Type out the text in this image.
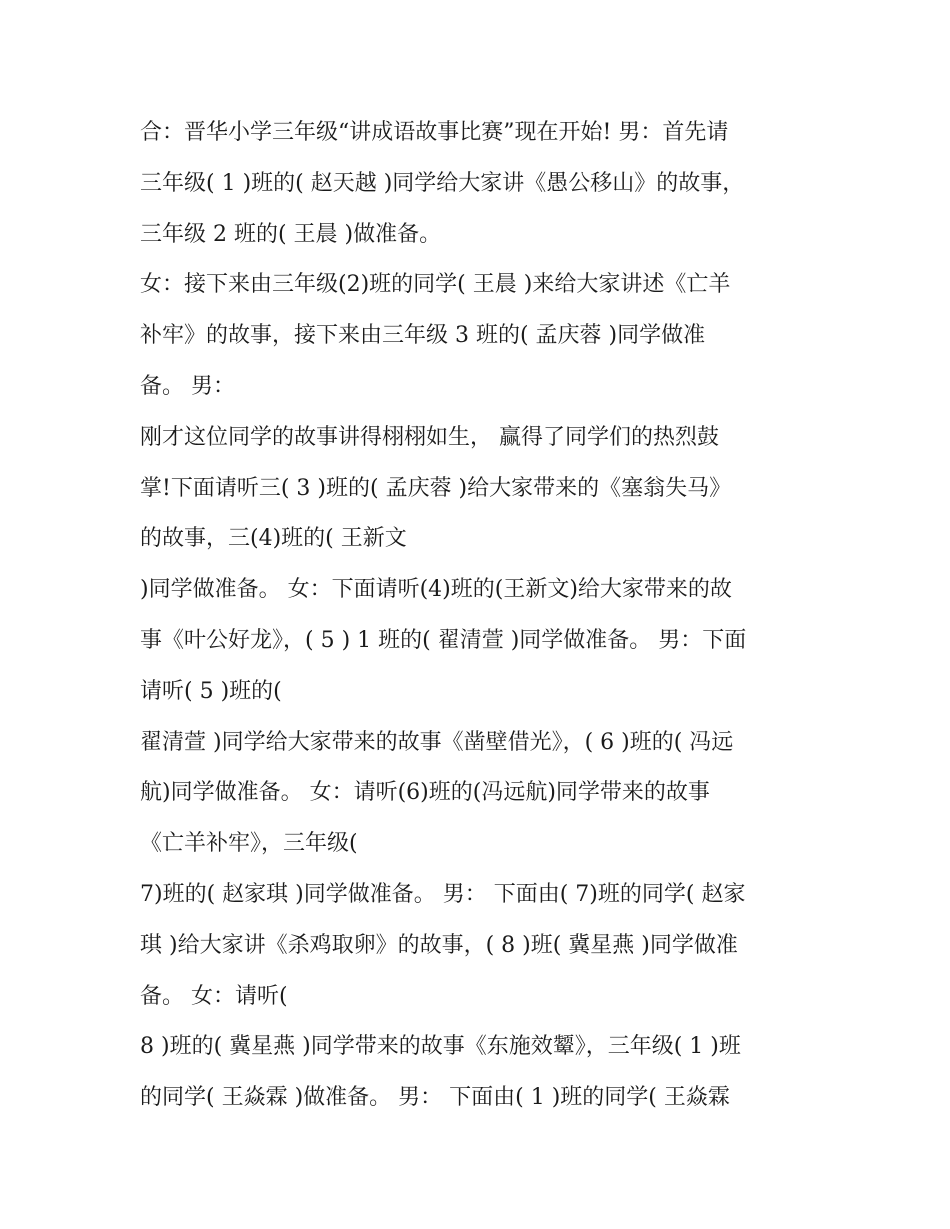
合：晋华小学三年级“讲成语故事比赛”现在开始! 男：首先请
三年级( 1 )班的( 赵天越 )同学给大家讲《愚公移山》的故事，
三年级 2 班的( 王晨 )做准备。
女：接下来由三年级(2)班的同学( 王晨 )来给大家讲述《亡羊
补牢》的故事，接下来由三年级 3 班的( 孟庆蓉 )同学做准
备。 男：
刚才这位同学的故事讲得栩栩如生， 赢得了同学们的热烈鼓
掌!下面请听三( 3 )班的( 孟庆蓉 )给大家带来的《塞翁失马》
的故事，三(4)班的( 王新文
)同学做准备。 女：下面请听(4)班的(王新文)给大家带来的故
事《叶公好龙》，( 5 ) 1 班的( 翟清萱 )同学做准备。 男：下面
请听( 5 )班的(
翟清萱 )同学给大家带来的故事《凿壁借光》，( 6 )班的( 冯远
航)同学做准备。 女：请听(6)班的(冯远航)同学带来的故事
《亡羊补牢》，三年级(
7)班的( 赵家琪 )同学做准备。 男： 下面由( 7)班的同学( 赵家
琪 )给大家讲《杀鸡取卵》的故事，( 8 )班( 冀星燕 )同学做准
备。 女：请听(
8 )班的( 冀星燕 )同学带来的故事《东施效颦》，三年级( 1 )班
的同学( 王焱霖 )做准备。 男： 下面由( 1 )班的同学( 王焱霖
